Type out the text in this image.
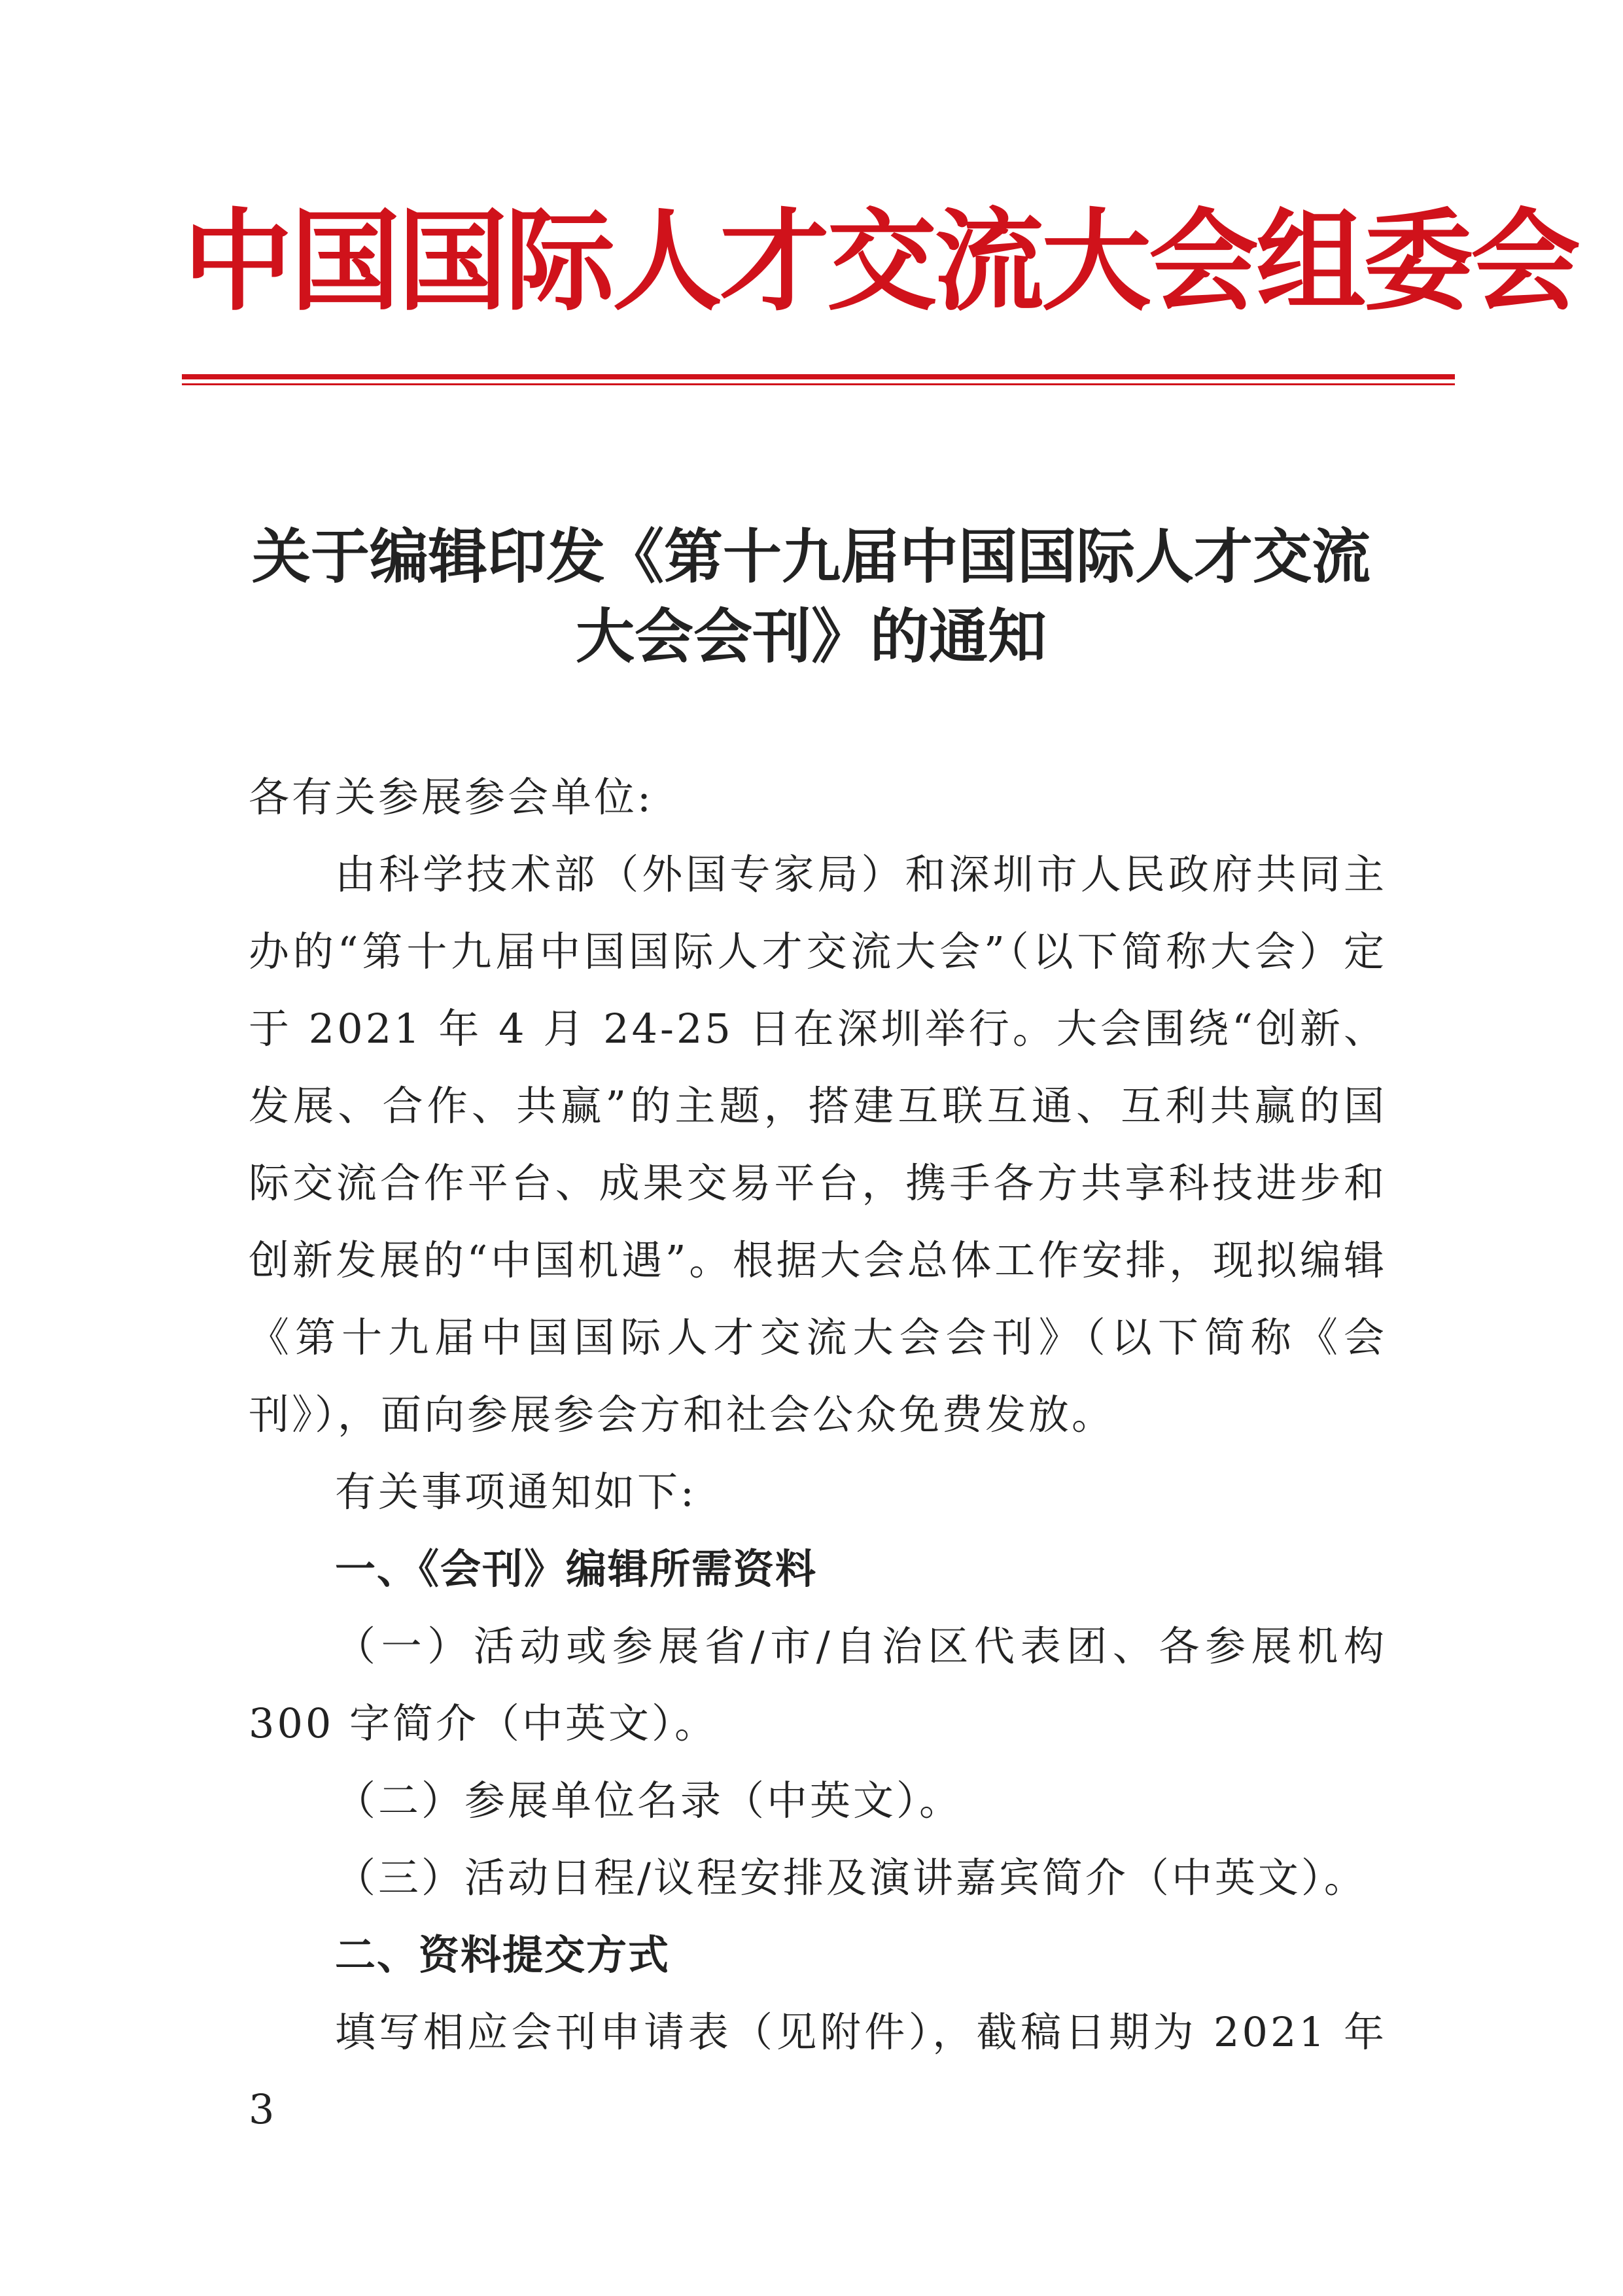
中国国际人才交流大会组委会
关于编辑印发《第十九届中国国际人才交流
大会会刊》的通知

各有关参展参会单位:

由科学技术部（外国专家局）和深圳市人民政府共同主办的“第十九届中国国际人才交流大会”（以下简称大会）定于 2021 年 4 月 24-25 日在深圳举行。大会围绕“创新、发展、合作、共赢”的主题，搭建互联互通、互利共赢的国际交流合作平台、成果交易平台，携手各方共享科技进步和创新发展的“中国机遇”。根据大会总体工作安排，现拟编辑《第十九届中国国际人才交流大会会刊》（以下简称《会刊》），面向参展参会方和社会公众免费发放。

有关事项通知如下:

一、《会刊》编辑所需资料

（一）活动或参展省/市/自治区代表团、各参展机构 300 字简介（中英文）。

（二）参展单位名录（中英文）。

（三）活动日程/议程安排及演讲嘉宾简介（中英文）。

二、资料提交方式

填写相应会刊申请表（见附件），截稿日期为 2021 年 3
